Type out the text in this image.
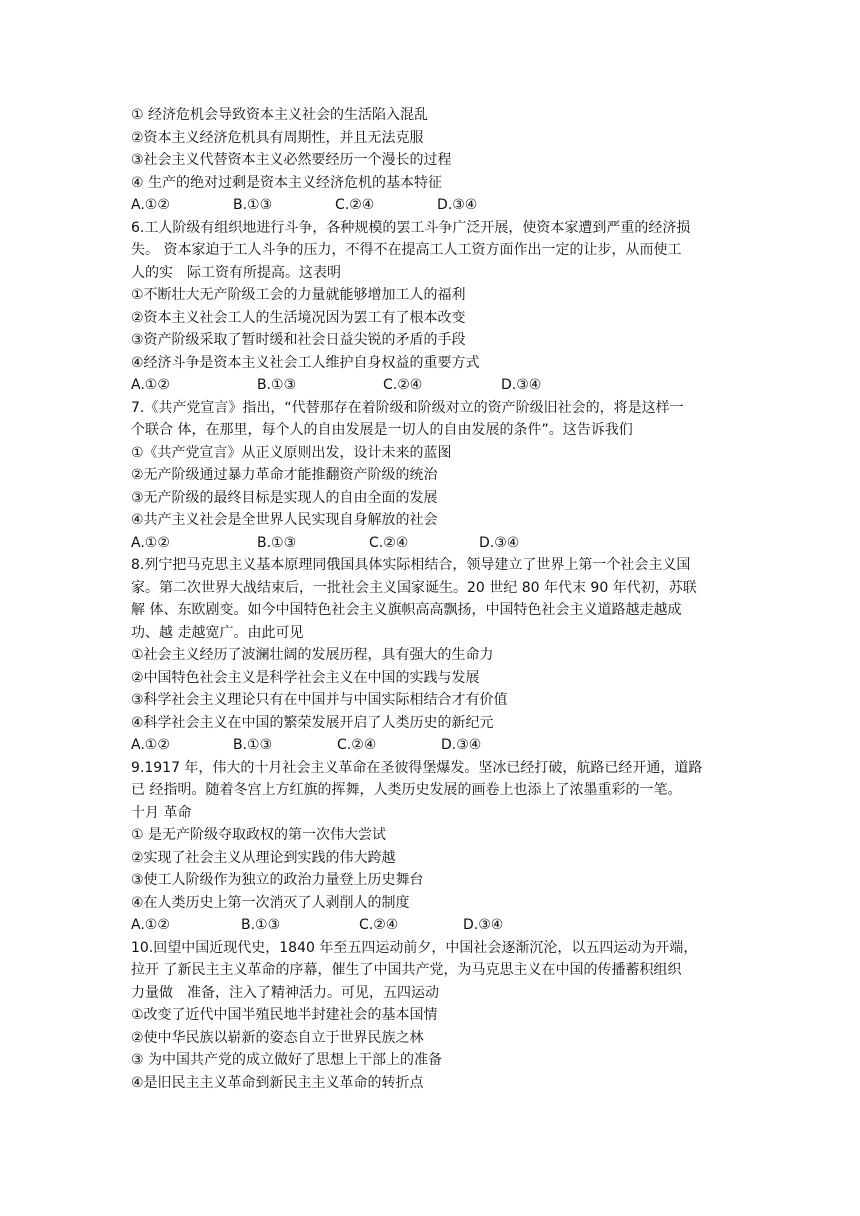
① 经济危机会导致资本主义社会的生活陷入混乱
②资本主义经济危机具有周期性，并且无法克服
③社会主义代替资本主义必然要经历一个漫长的过程
④ 生产的绝对过剩是资本主义经济危机的基本特征
A.①②	B.①③	C.②④	D.③④
6.工人阶级有组织地进行斗争，各种规模的罢工斗争广泛开展，使资本家遭到严重的经济损
失。 资本家迫于工人斗争的压力，不得不在提高工人工资方面作出一定的让步，从而使工
人的实　际工资有所提高。这表明
①不断壮大无产阶级工会的力量就能够增加工人的福利
②资本主义社会工人的生活境况因为罢工有了根本改变
③资产阶级采取了暂时缓和社会日益尖锐的矛盾的手段
④经济斗争是资本主义社会工人维护自身权益的重要方式
A.①②	B.①③	C.②④	D.③④
7.《共产党宣言》指出，“代替那存在着阶级和阶级对立的资产阶级旧社会的，将是这样一
个联合 体，在那里，每个人的自由发展是一切人的自由发展的条件”。这告诉我们
①《共产党宣言》从正义原则出发，设计未来的蓝图
②无产阶级通过暴力革命才能推翻资产阶级的统治
③无产阶级的最终目标是实现人的自由全面的发展
④共产主义社会是全世界人民实现自身解放的社会
A.①②	B.①③	C.②④	D.③④
8.列宁把马克思主义基本原理同俄国具体实际相结合，领导建立了世界上第一个社会主义国
家。第二次世界大战结束后，一批社会主义国家诞生。20 世纪 80 年代末 90 年代初，苏联
解 体、东欧剧变。如今中国特色社会主义旗帜高高飘扬，中国特色社会主义道路越走越成
功、越 走越宽广。由此可见
①社会主义经历了波澜壮阔的发展历程，具有强大的生命力
②中国特色社会主义是科学社会主义在中国的实践与发展
③科学社会主义理论只有在中国并与中国实际相结合才有价值
④科学社会主义在中国的繁荣发展开启了人类历史的新纪元
A.①②	B.①③	C.②④	D.③④
9.1917 年，伟大的十月社会主义革命在圣彼得堡爆发。坚冰已经打破，航路已经开通，道路
已 经指明。随着冬宫上方红旗的挥舞，人类历史发展的画卷上也添上了浓墨重彩的一笔。
十月 革命
① 是无产阶级夺取政权的第一次伟大尝试
②实现了社会主义从理论到实践的伟大跨越
③使工人阶级作为独立的政治力量登上历史舞台
④在人类历史上第一次消灭了人剥削人的制度
A.①②	B.①③	C.②④	D.③④
10.回望中国近现代史，1840 年至五四运动前夕，中国社会逐渐沉沦，以五四运动为开端，
拉开 了新民主主义革命的序幕，催生了中国共产党，为马克思主义在中国的传播蓄积组织
力量做　准备，注入了精神活力。可见，五四运动
①改变了近代中国半殖民地半封建社会的基本国情
②使中华民族以崭新的姿态自立于世界民族之林
③ 为中国共产党的成立做好了思想上干部上的准备
④是旧民主主义革命到新民主主义革命的转折点
